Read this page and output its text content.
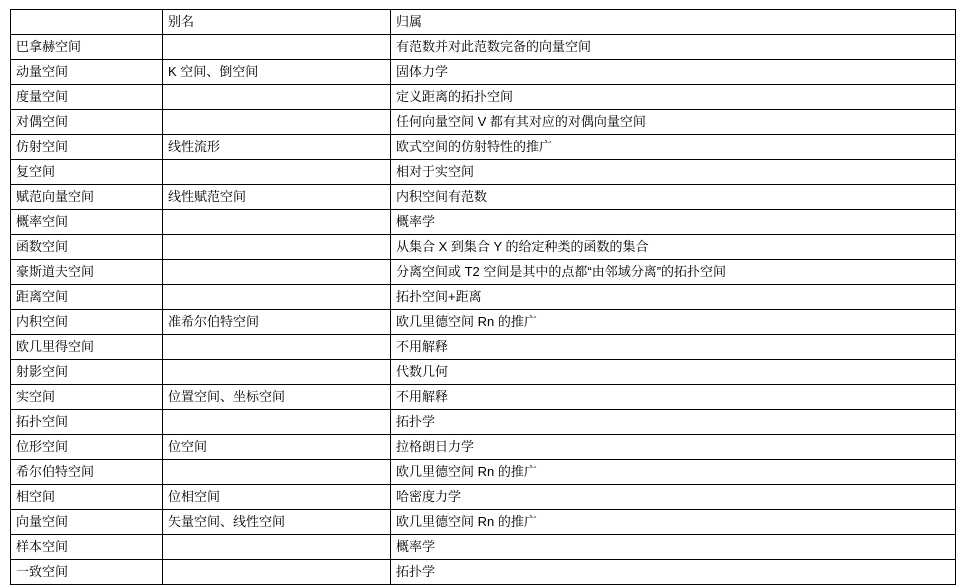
	别名	归属
巴拿赫空间		有范数并对此范数完备的向量空间
动量空间	K 空间、倒空间	固体力学
度量空间		定义距离的拓扑空间
对偶空间		任何向量空间 V 都有其对应的对偶向量空间
仿射空间	线性流形	欧式空间的仿射特性的推广
复空间		相对于实空间
赋范向量空间	线性赋范空间	内积空间有范数
概率空间		概率学
函数空间		从集合 X 到集合 Y 的给定种类的函数的集合
豪斯道夫空间		分离空间或 T2 空间是其中的点都“由邻域分离”的拓扑空间
距离空间		拓扑空间+距离
内积空间	准希尔伯特空间	欧几里德空间 Rn 的推广
欧几里得空间		不用解释
射影空间		代数几何
实空间	位置空间、坐标空间	不用解释
拓扑空间		拓扑学
位形空间	位空间	拉格朗日力学
希尔伯特空间		欧几里德空间 Rn 的推广
相空间	位相空间	哈密度力学
向量空间	矢量空间、线性空间	欧几里德空间 Rn 的推广
样本空间		概率学
一致空间		拓扑学
